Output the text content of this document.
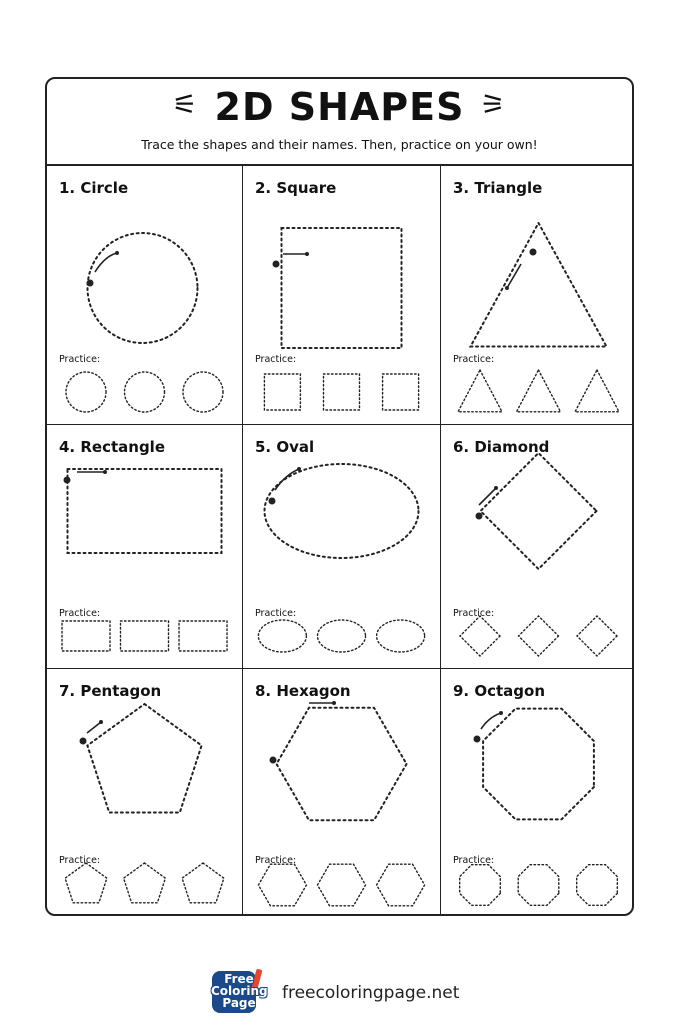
⚟ 2D SHAPES ⚞
Trace the shapes and their names. Then, practice on your own!
1. Circle
Practice:
2. Square
Practice:
3. Triangle
Practice:
4. Rectangle
Practice:
5. Oval
Practice:
6. Diamond
Practice:
7. Pentagon
Practice:
8. Hexagon
Practice:
9. Octagon
Practice:
Free
Coloring
Page	freecoloringpage.net
